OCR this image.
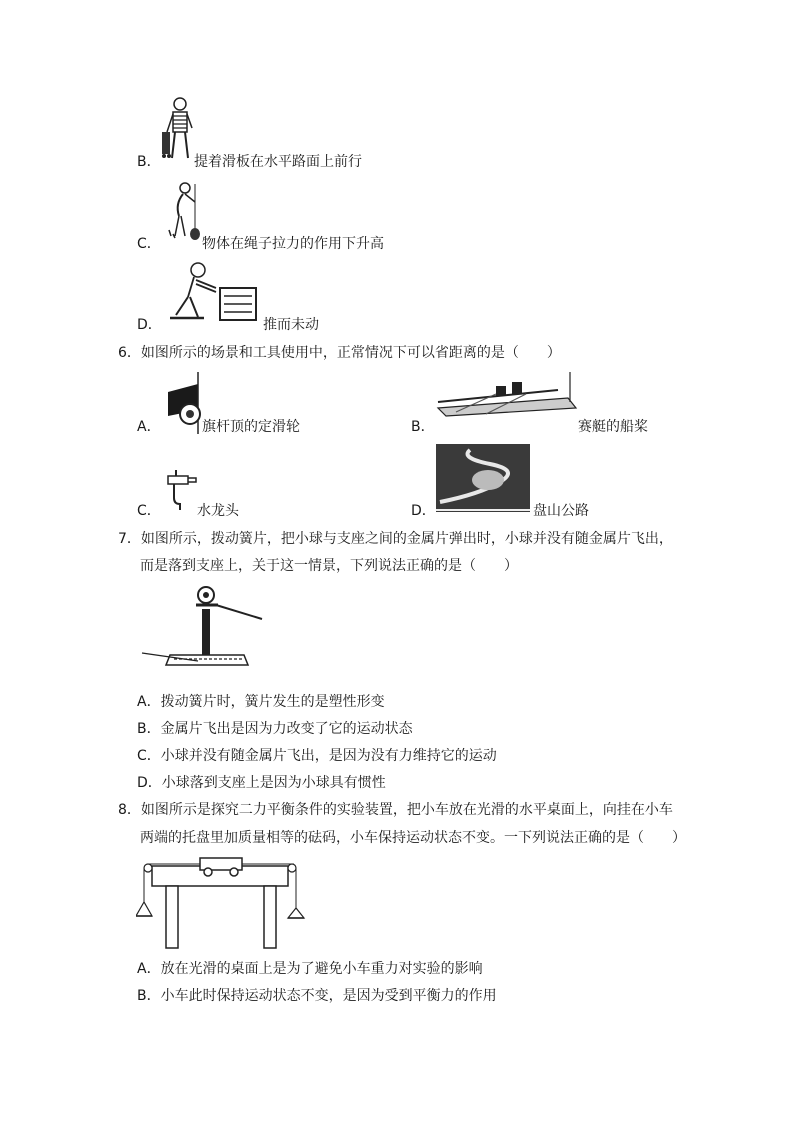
B． 提着滑板在水平路面上前行
C．	物体在绳子拉力的作用下升高
D．	推而未动
6．如图所示的场景和工具使用中，正常情况下可以省距离的是（　　）
A．	旗杆顶的定滑轮	B．	赛艇的船桨
C．	水龙头	D．	盘山公路
7．如图所示，拨动簧片，把小球与支座之间的金属片弹出时，小球并没有随金属片飞出，
而是落到支座上，关于这一情景，下列说法正确的是（　　）
A．拨动簧片时，簧片发生的是塑性形变
B．金属片飞出是因为力改变了它的运动状态
C．小球并没有随金属片飞出，是因为没有力维持它的运动
D．小球落到支座上是因为小球具有惯性
8．如图所示是探究二力平衡条件的实验装置，把小车放在光滑的水平桌面上，向挂在小车
两端的托盘里加质量相等的砝码，小车保持运动状态不变。一下列说法正确的是（　　）
A．放在光滑的桌面上是为了避免小车重力对实验的影响
B．小车此时保持运动状态不变，是因为受到平衡力的作用
